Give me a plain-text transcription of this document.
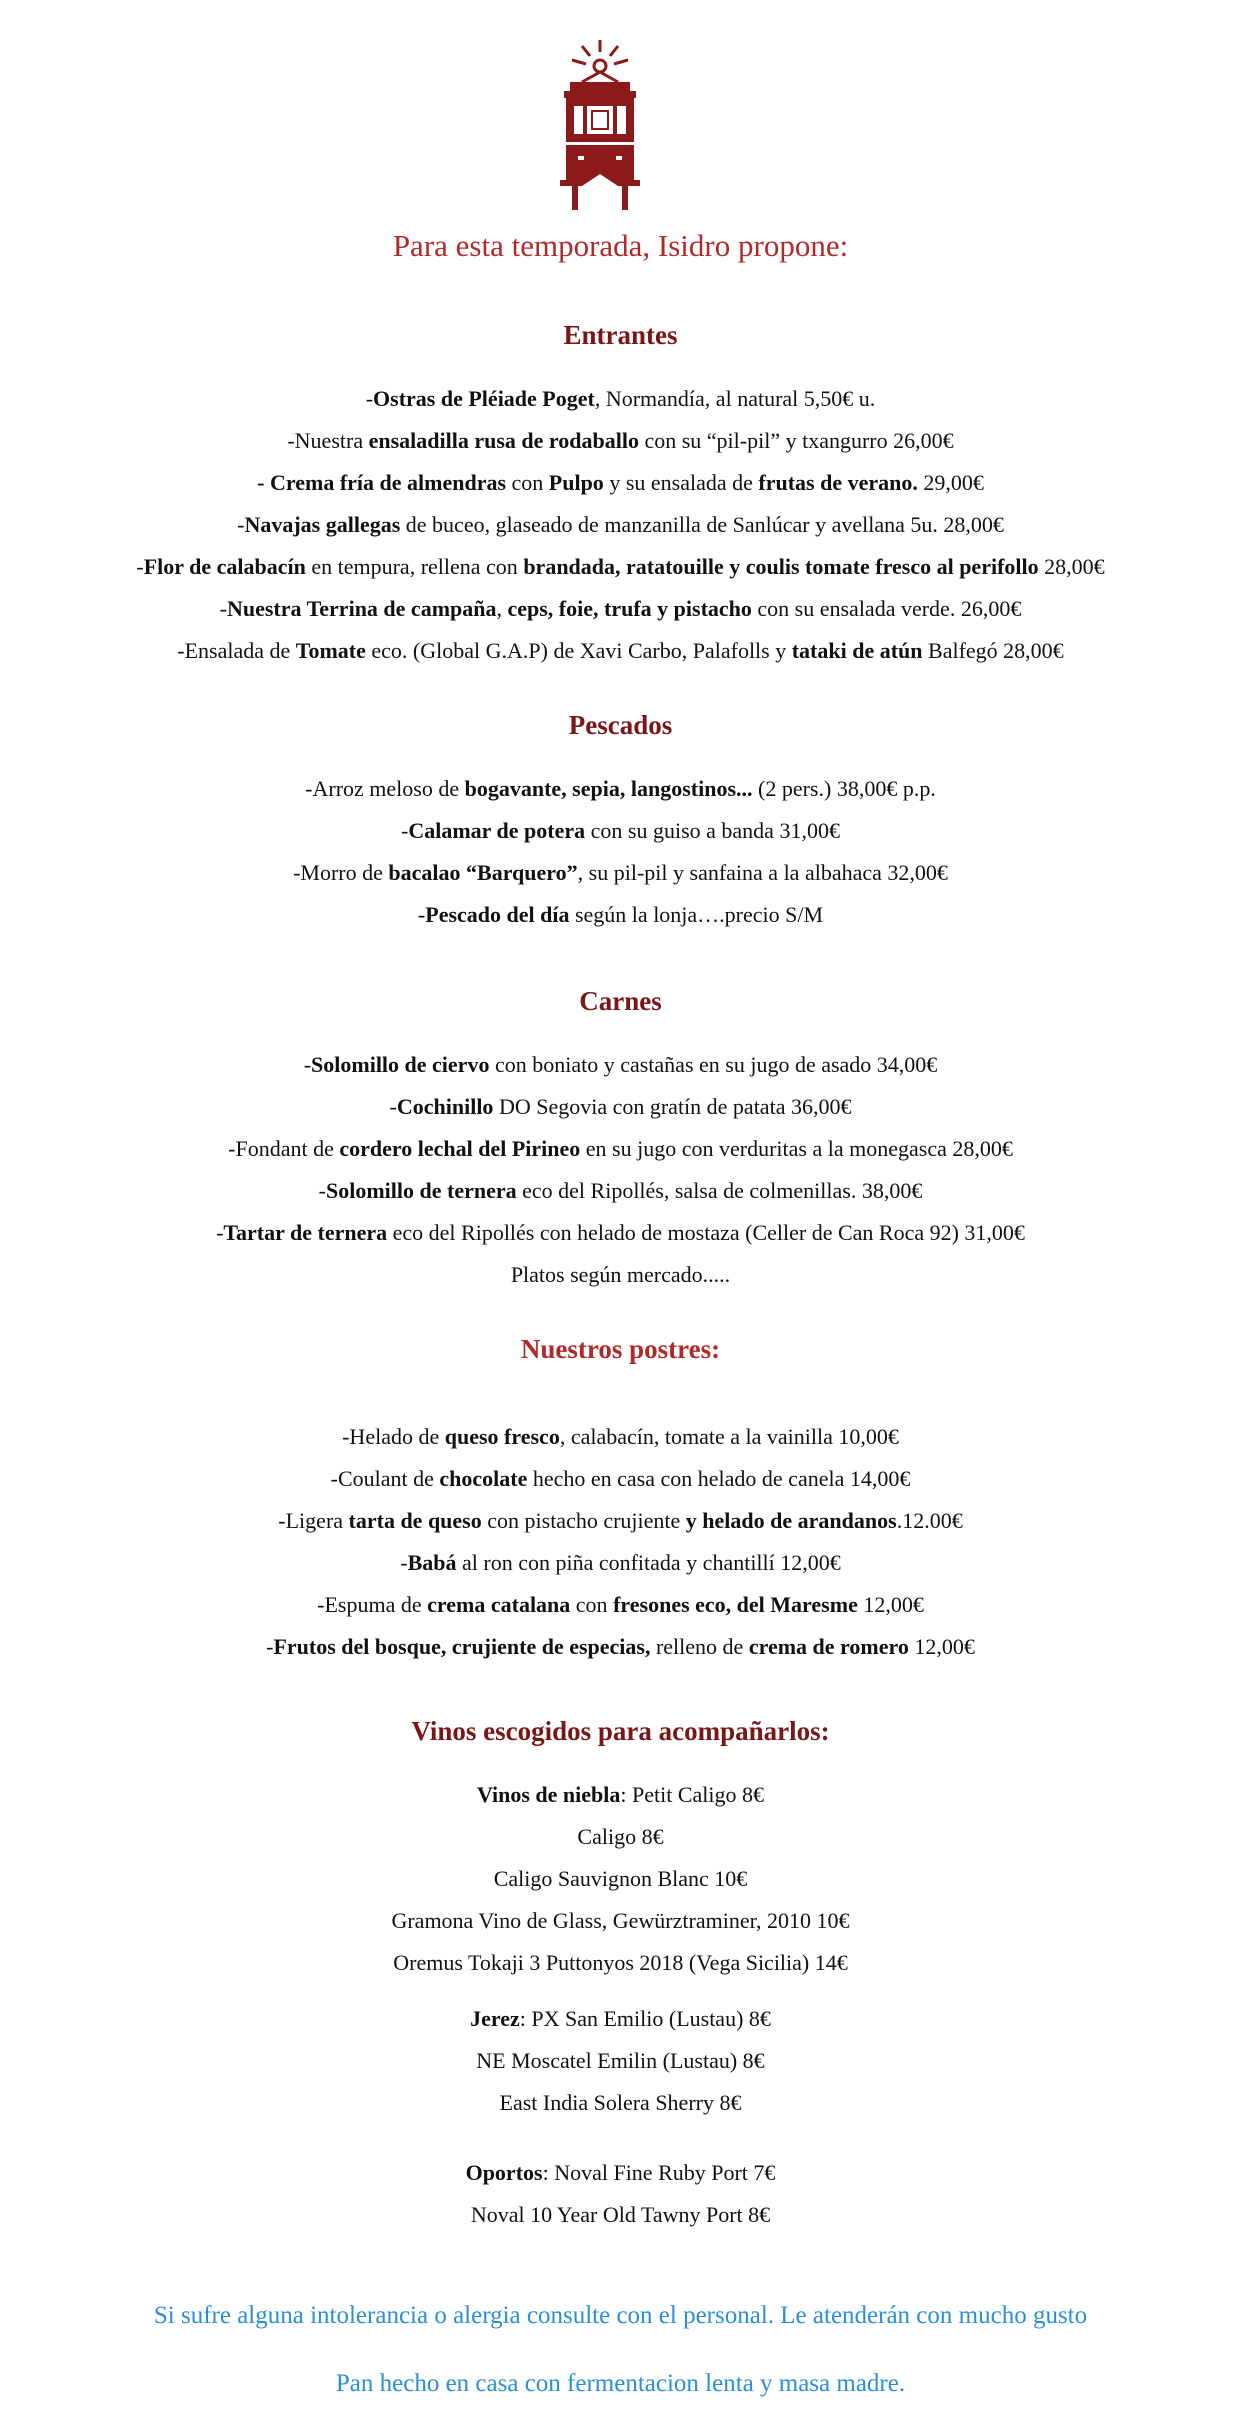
Para esta temporada, Isidro propone:
Entrantes
-Ostras de Pléiade Poget, Normandía, al natural 5,50€ u.
-Nuestra ensaladilla rusa de rodaballo con su “pil-pil” y txangurro 26,00€
- Crema fría de almendras con Pulpo y su ensalada de frutas de verano. 29,00€
-Navajas gallegas de buceo, glaseado de manzanilla de Sanlúcar y avellana 5u. 28,00€
-Flor de calabacín en tempura, rellena con brandada, ratatouille y coulis tomate fresco al perifollo 28,00€
-Nuestra Terrina de campaña, ceps, foie, trufa y pistacho con su ensalada verde. 26,00€
-Ensalada de Tomate eco. (Global G.A.P) de Xavi Carbo, Palafolls y tataki de atún Balfegó 28,00€
Pescados
-Arroz meloso de bogavante, sepia, langostinos... (2 pers.) 38,00€ p.p.
-Calamar de potera con su guiso a banda 31,00€
-Morro de bacalao “Barquero”, su pil-pil y sanfaina a la albahaca 32,00€
-Pescado del día según la lonja….precio S/M
Carnes
-Solomillo de ciervo con boniato y castañas en su jugo de asado 34,00€
-Cochinillo DO Segovia con gratín de patata 36,00€
-Fondant de cordero lechal del Pirineo en su jugo con verduritas a la monegasca 28,00€
-Solomillo de ternera eco del Ripollés, salsa de colmenillas. 38,00€
-Tartar de ternera eco del Ripollés con helado de mostaza (Celler de Can Roca 92) 31,00€
Platos según mercado.....
Nuestros postres:
-Helado de queso fresco, calabacín, tomate a la vainilla 10,00€
-Coulant de chocolate hecho en casa con helado de canela 14,00€
-Ligera tarta de queso con pistacho crujiente y helado de arandanos.12.00€
-Babá al ron con piña confitada y chantillí 12,00€
-Espuma de crema catalana con fresones eco, del Maresme 12,00€
-Frutos del bosque, crujiente de especias, relleno de crema de romero 12,00€
Vinos escogidos para acompañarlos:
Vinos de niebla: Petit Caligo 8€
Caligo 8€
Caligo Sauvignon Blanc 10€
Gramona Vino de Glass, Gewürztraminer, 2010 10€
Oremus Tokaji 3 Puttonyos 2018 (Vega Sicilia) 14€
Jerez: PX San Emilio (Lustau) 8€
NE Moscatel Emilin (Lustau) 8€
East India Solera Sherry 8€
Oportos: Noval Fine Ruby Port 7€
Noval 10 Year Old Tawny Port 8€
Si sufre alguna intolerancia o alergia consulte con el personal. Le atenderán con mucho gusto
Pan hecho en casa con fermentacion lenta y masa madre.
